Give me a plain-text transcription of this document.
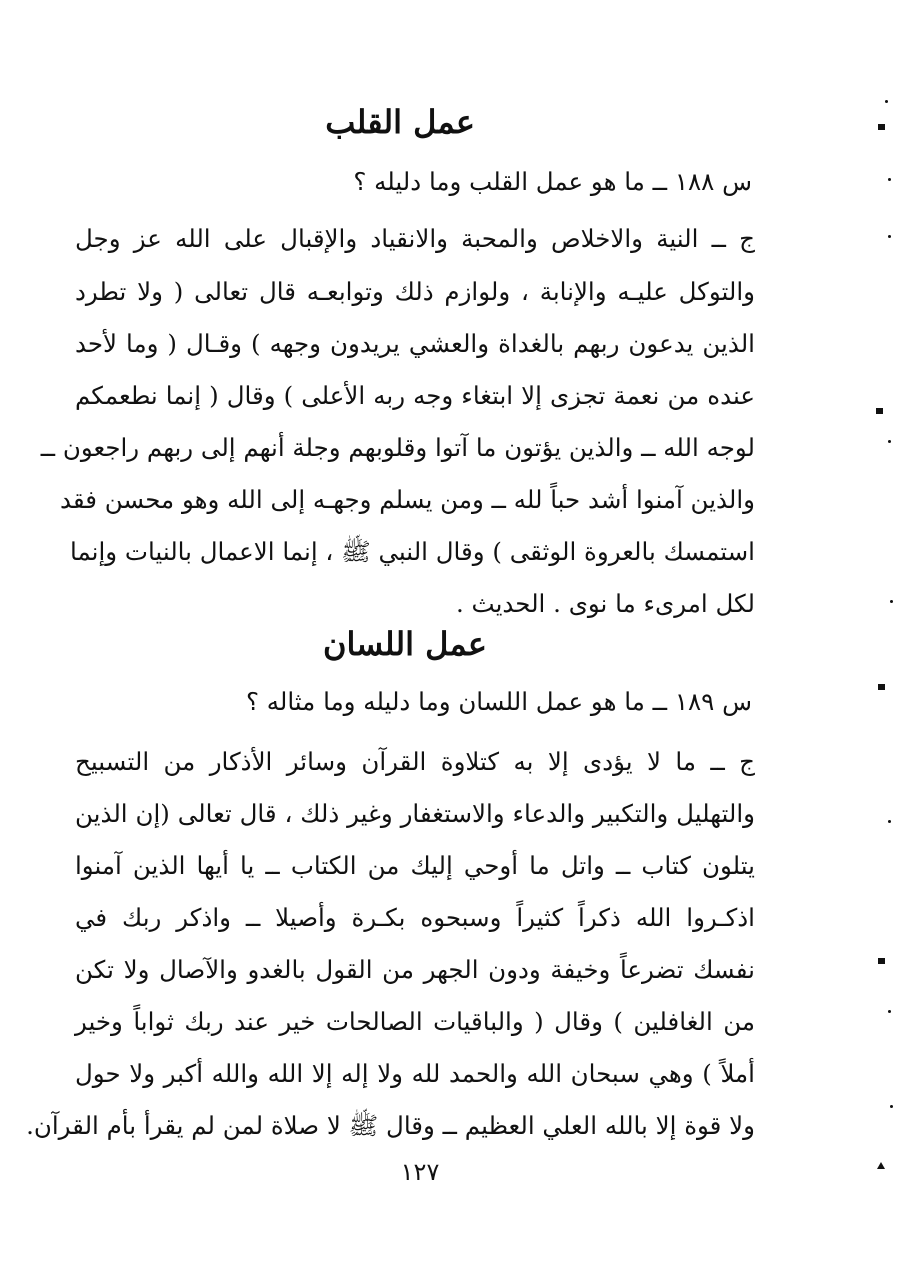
عمل القلب
س ١٨٨ ــ ما هو عمل القلب وما دليله ؟
ج ــ النية والاخلاص والمحبة والانقياد والإقبال على الله عز وجل
والتوكل عليـه والإنابة ، ولوازم ذلك وتوابعـه قال تعالى ( ولا تطرد
الذين يدعون ربهم بالغداة والعشي يريدون وجهه ) وقـال ( وما لأحد
عنده من نعمة تجزى إلا ابتغاء وجه ربه الأعلى ) وقال ( إنما نطعمكم
لوجه الله ــ والذين يؤتون ما آتوا وقلوبهم وجلة أنهم إلى ربهم راجعون ــ
والذين آمنوا أشد حباً لله ــ ومن يسلم وجهـه إلى الله وهو محسن فقد
استمسك بالعروة الوثقى ) وقال النبي ﷺ ، إنما الاعمال بالنيات وإنما
لكل امرىء ما نوى . الحديث .
عمل اللسان
س ١٨٩ ــ ما هو عمل اللسان وما دليله وما مثاله ؟
ج ــ ما لا يؤدى إلا به كتلاوة القرآن وسائر الأذكار من التسبيح
والتهليل والتكبير والدعاء والاستغفار وغير ذلك ، قال تعالى (إن الذين
يتلون كتاب ــ واتل ما أوحي إليك من الكتاب ــ يا أيها الذين آمنوا
اذكـروا الله ذكراً كثيراً وسبحوه بكـرة وأصيلا ــ واذكر ربك في
نفسك تضرعاً وخيفة ودون الجهر من القول بالغدو والآصال ولا تكن
من الغافلين ) وقال ( والباقيات الصالحات خير عند ربك ثواباً وخير
أملاً ) وهي سبحان الله والحمد لله ولا إله إلا الله والله أكبر ولا حول
ولا قوة إلا بالله العلي العظيم ــ وقال ﷺ لا صلاة لمن لم يقرأ بأم القرآن.
١٢٧
